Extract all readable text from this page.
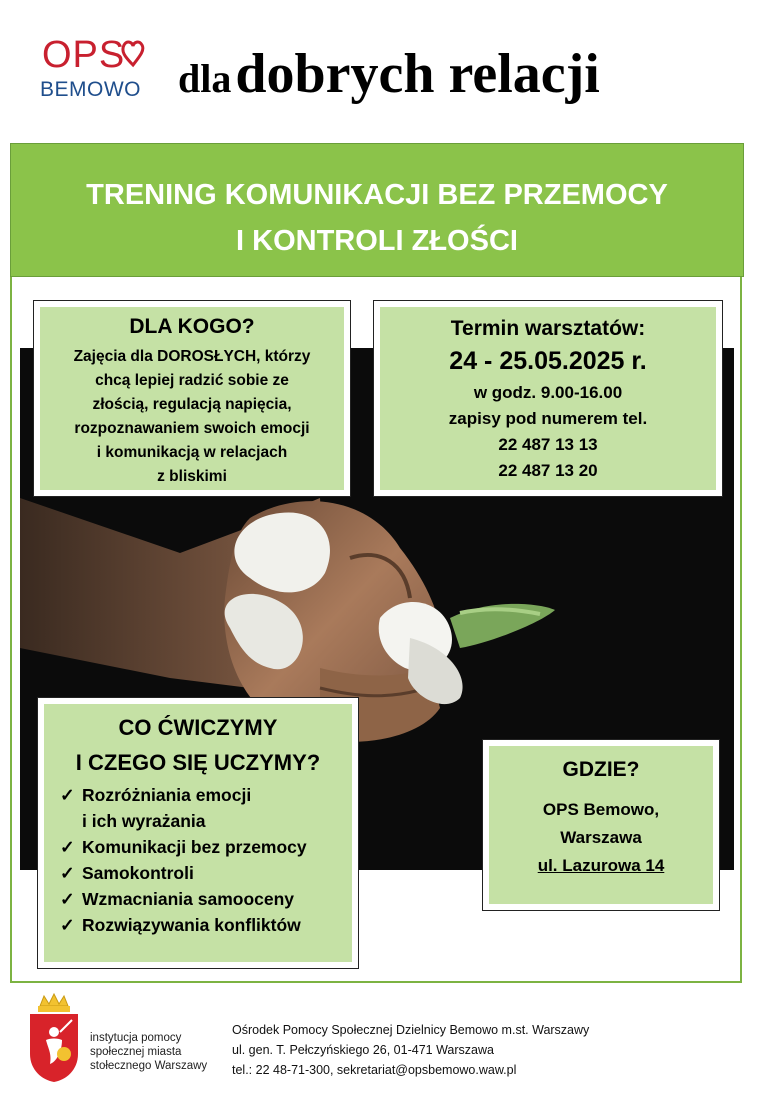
OPS
BEMOWO dla dobrych relacji
TRENING KOMUNIKACJI BEZ PRZEMOCY
I KONTROLI ZŁOŚCI
DLA KOGO?
Zajęcia dla DOROSŁYCH, którzy
chcą lepiej radzić sobie ze
złością, regulacją napięcia,
rozpoznawaniem swoich emocji
i komunikacją w relacjach
z bliskimi
Termin warsztatów:
24 - 25.05.2025 r.
w godz. 9.00-16.00
zapisy pod numerem tel.
22 487 13 13
22 487 13 20
CO ĆWICZYMY
I CZEGO SIĘ UCZYMY?
✓ Rozróżniania emocji
i ich wyrażania
✓ Komunikacji bez przemocy
✓ Samokontroli
✓ Wzmacniania samooceny
✓ Rozwiązywania konfliktów
GDZIE?
OPS Bemowo,
Warszawa
ul. Lazurowa 14
instytucja pomocy
społecznej miasta
stołecznego Warszawy
Ośrodek Pomocy Społecznej Dzielnicy Bemowo m.st. Warszawy
ul. gen. T. Pełczyńskiego 26, 01-471 Warszawa
tel.: 22 48-71-300, sekretariat@opsbemowo.waw.pl
